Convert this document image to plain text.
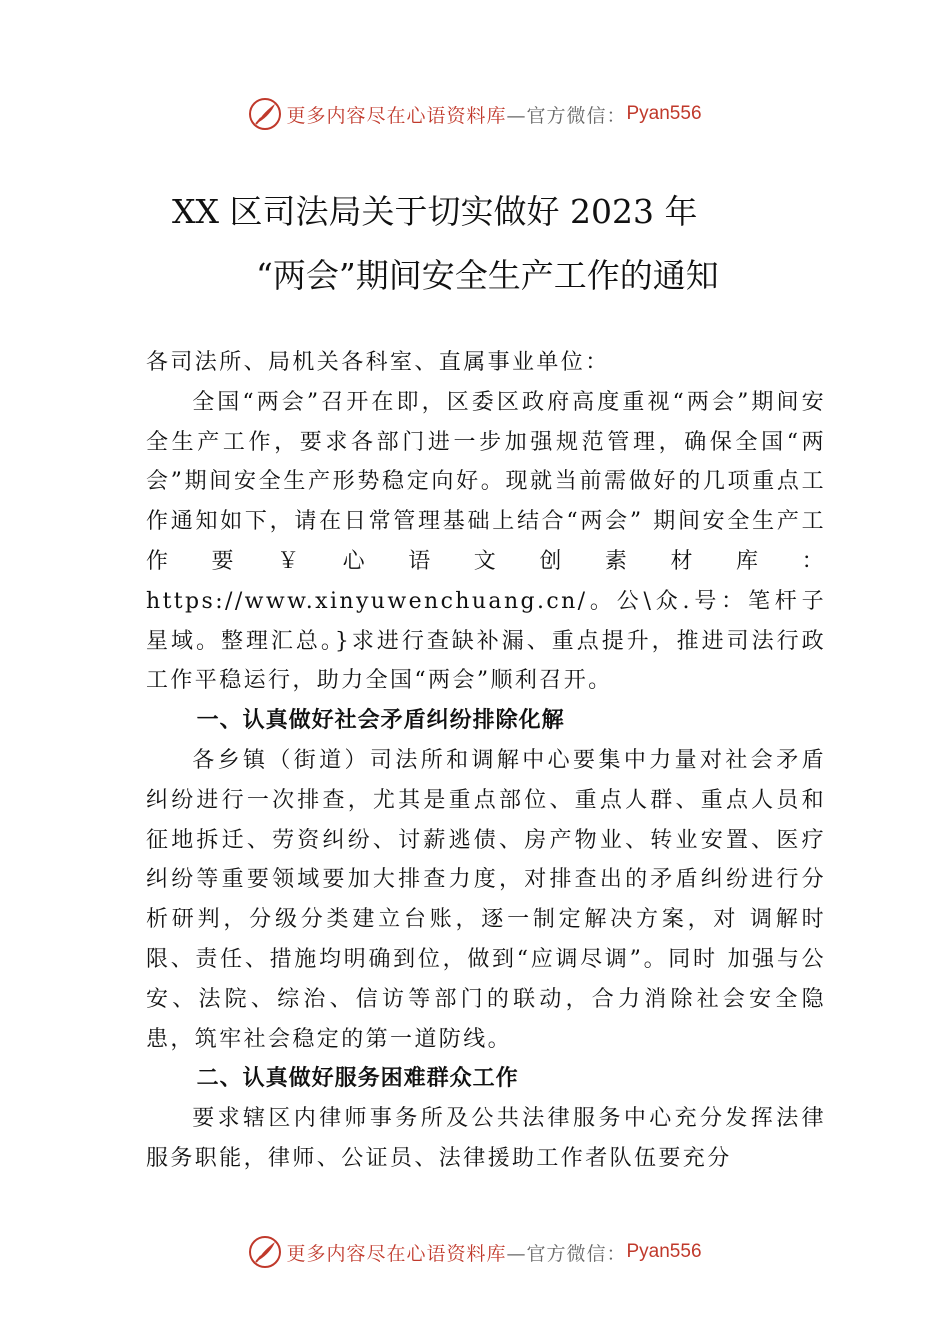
更多内容尽在心语资料库 —官方微信： Pyan556
XX 区司法局关于切实做好 2023 年
“两会”期间安全生产工作的通知

各司法所、局机关各科室、直属事业单位：

全国“两会”召开在即，区委区政府高度重视“两会”期间安全生产工作，要求各部门进一步加强规范管理，确保全国“两会”期间安全生产形势稳定向好。现就当前需做好的几项重点工作通知如下，请在日常管理基础上结合“两会” 期间安全生产工作要￥心语文创素材库：https://www.xinyuwenchuang.cn/。公\众.号：笔杆子星域。整理汇总。}求进行查缺补漏、重点提升，推进司法行政工作平稳运行，助力全国“两会”顺利召开。

一、认真做好社会矛盾纠纷排除化解

各乡镇（街道）司法所和调解中心要集中力量对社会矛盾纠纷进行一次排查，尤其是重点部位、重点人群、重点人员和征地拆迁、劳资纠纷、讨薪逃债、房产物业、转业安置、医疗纠纷等重要领域要加大排查力度，对排查出的矛盾纠纷进行分析研判，分级分类建立台账，逐一制定解决方案，对 调解时限、责任、措施均明确到位，做到“应调尽调”。同时 加强与公安、法院、综治、信访等部门的联动，合力消除社会安全隐患，筑牢社会稳定的第一道防线。

二、认真做好服务困难群众工作

要求辖区内律师事务所及公共法律服务中心充分发挥法律服务职能，律师、公证员、法律援助工作者队伍要充分

更多内容尽在心语资料库 —官方微信： Pyan556
